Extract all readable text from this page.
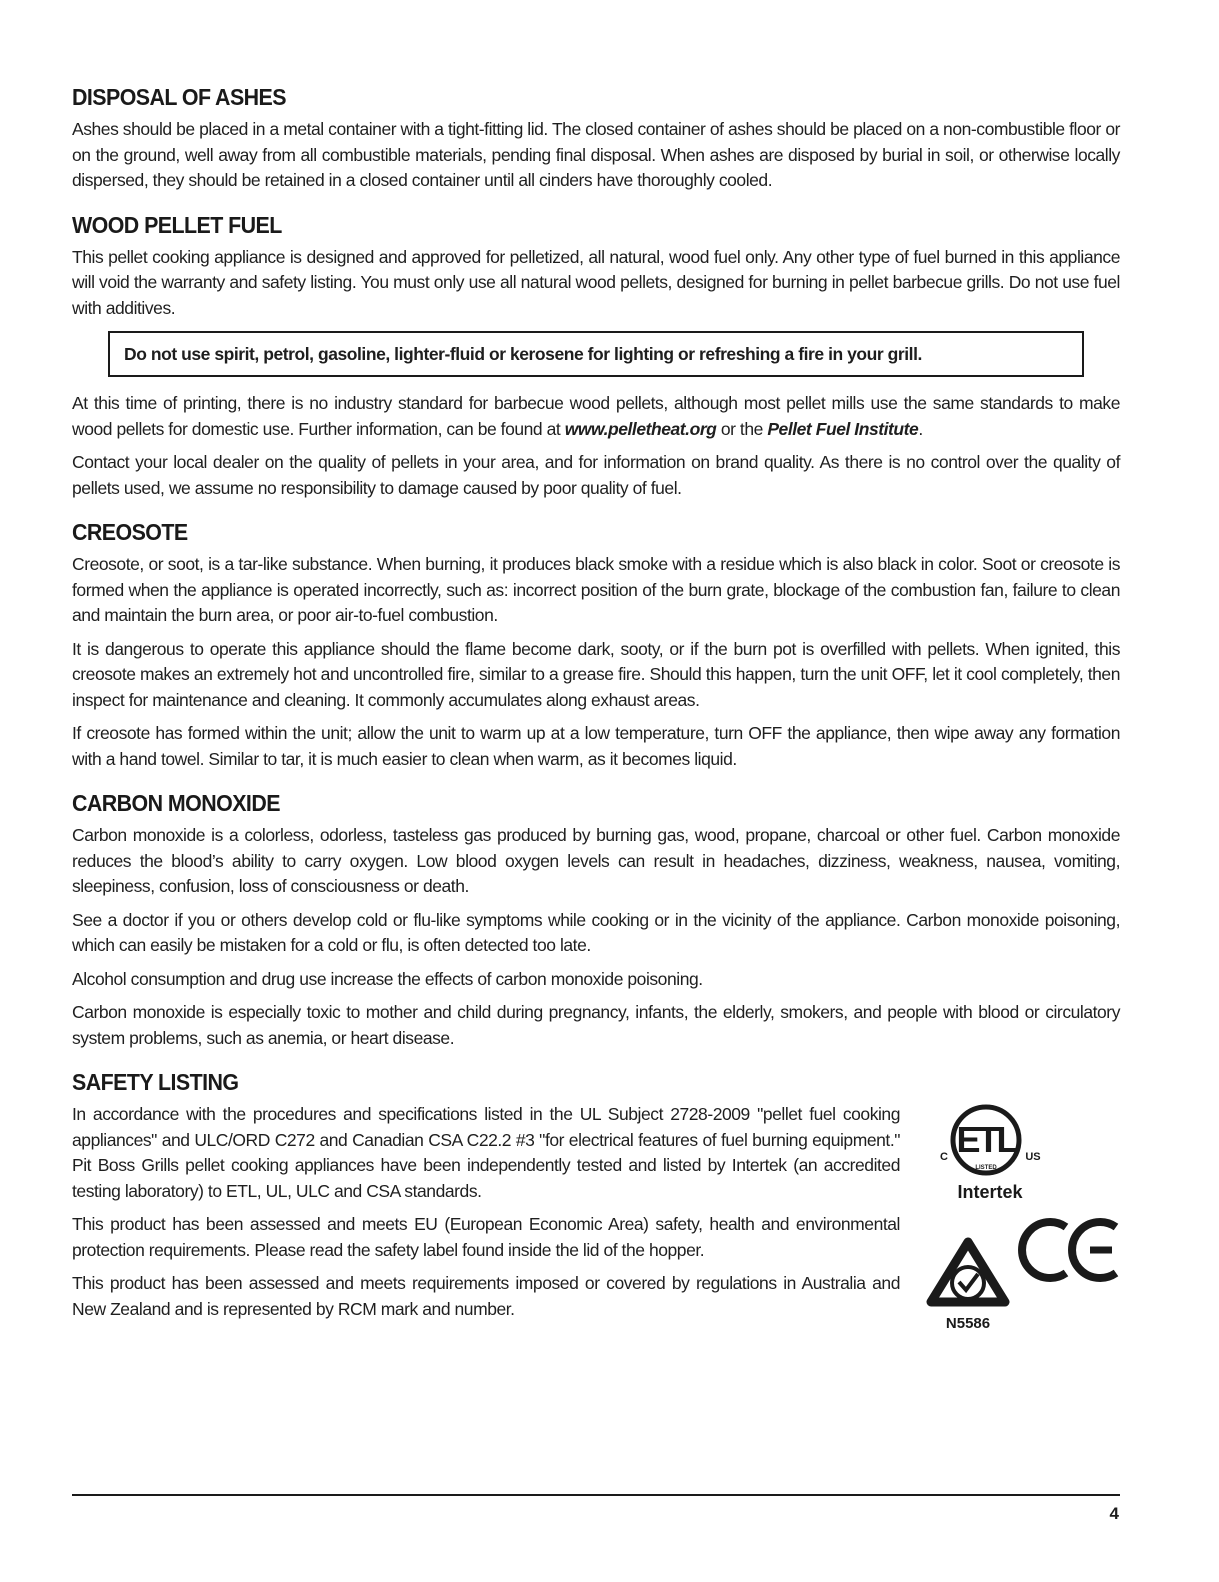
DISPOSAL OF ASHES

Ashes should be placed in a metal container with a tight-fitting lid. The closed container of ashes should be placed on a non-combustible floor or on the ground, well away from all combustible materials, pending final disposal. When ashes are disposed by burial in soil, or otherwise locally dispersed, they should be retained in a closed container until all cinders have thoroughly cooled.

WOOD PELLET FUEL

This pellet cooking appliance is designed and approved for pelletized, all natural, wood fuel only. Any other type of fuel burned in this appliance will void the warranty and safety listing. You must only use all natural wood pellets, designed for burning in pellet barbecue grills. Do not use fuel with additives.

Do not use spirit, petrol, gasoline, lighter-fluid or kerosene for lighting or refreshing a fire in your grill.

At this time of printing, there is no industry standard for barbecue wood pellets, although most pellet mills use the same standards to make wood pellets for domestic use. Further information, can be found at www.pelletheat.org or the Pellet Fuel Institute.

Contact your local dealer on the quality of pellets in your area, and for information on brand quality. As there is no control over the quality of pellets used, we assume no responsibility to damage caused by poor quality of fuel.

CREOSOTE

Creosote, or soot, is a tar-like substance. When burning, it produces black smoke with a residue which is also black in color. Soot or creosote is formed when the appliance is operated incorrectly, such as: incorrect position of the burn grate, blockage of the combustion fan, failure to clean and maintain the burn area, or poor air-to-fuel combustion.

It is dangerous to operate this appliance should the flame become dark, sooty, or if the burn pot is overfilled with pellets. When ignited, this creosote makes an extremely hot and uncontrolled fire, similar to a grease fire. Should this happen, turn the unit OFF, let it cool completely, then inspect for maintenance and cleaning. It commonly accumulates along exhaust areas.

If creosote has formed within the unit; allow the unit to warm up at a low temperature, turn OFF the appliance, then wipe away any formation with a hand towel. Similar to tar, it is much easier to clean when warm, as it becomes liquid.

CARBON MONOXIDE

Carbon monoxide is a colorless, odorless, tasteless gas produced by burning gas, wood, propane, charcoal or other fuel. Carbon monoxide reduces the blood’s ability to carry oxygen. Low blood oxygen levels can result in headaches, dizziness, weakness, nausea, vomiting, sleepiness, confusion, loss of consciousness or death.

See a doctor if you or others develop cold or flu-like symptoms while cooking or in the vicinity of the appliance. Carbon monoxide poisoning, which can easily be mistaken for a cold or flu, is often detected too late.

Alcohol consumption and drug use increase the effects of carbon monoxide poisoning.

Carbon monoxide is especially toxic to mother and child during pregnancy, infants, the elderly, smokers, and people with blood or circulatory system problems, such as anemia, or heart disease.

SAFETY LISTING

In accordance with the procedures and specifications listed in the UL Subject 2728-2009 "pellet fuel cooking appliances" and ULC/ORD C272 and Canadian CSA C22.2 #3 "for electrical features of fuel burning equipment." Pit Boss Grills pellet cooking appliances have been independently tested and listed by Intertek (an accredited testing laboratory) to ETL, UL, ULC and CSA standards.

This product has been assessed and meets EU (European Economic Area) safety, health and environmental protection requirements. Please read the safety label found inside the lid of the hopper.

This product has been assessed and meets requirements imposed or covered by regulations in Australia and New Zealand and is represented by RCM mark and number.

ETL
C	US
LISTED
Intertek
N5586
4
